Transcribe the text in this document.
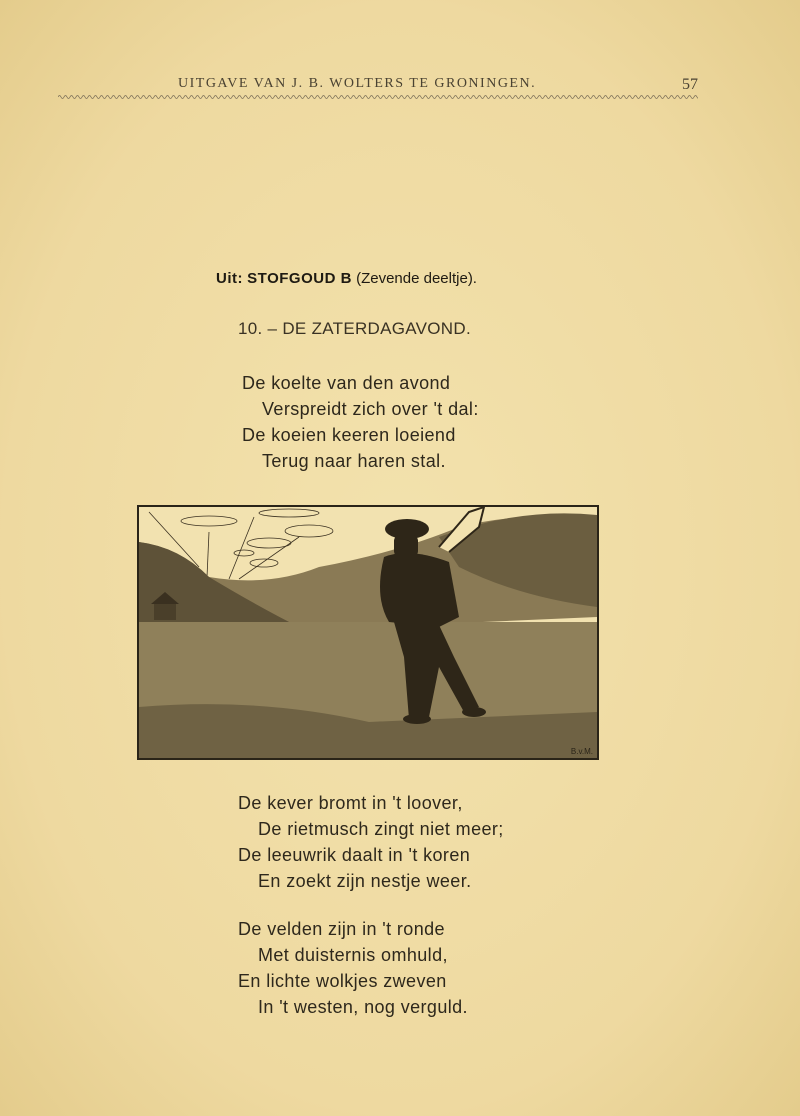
UITGAVE VAN J. B. WOLTERS TE GRONINGEN.	57
Uit: STOFGOUD B (Zevende deeltje).
10. – DE ZATERDAGAVOND.
De koelte van den avond
Verspreidt zich over 't dal:
De koeien keeren loeiend
Terug naar haren stal.
B.v.M.
De kever bromt in 't loover,
De rietmusch zingt niet meer;
De leeuwrik daalt in 't koren
En zoekt zijn nestje weer.
De velden zijn in 't ronde
Met duisternis omhuld,
En lichte wolkjes zweven
In 't westen, nog verguld.
